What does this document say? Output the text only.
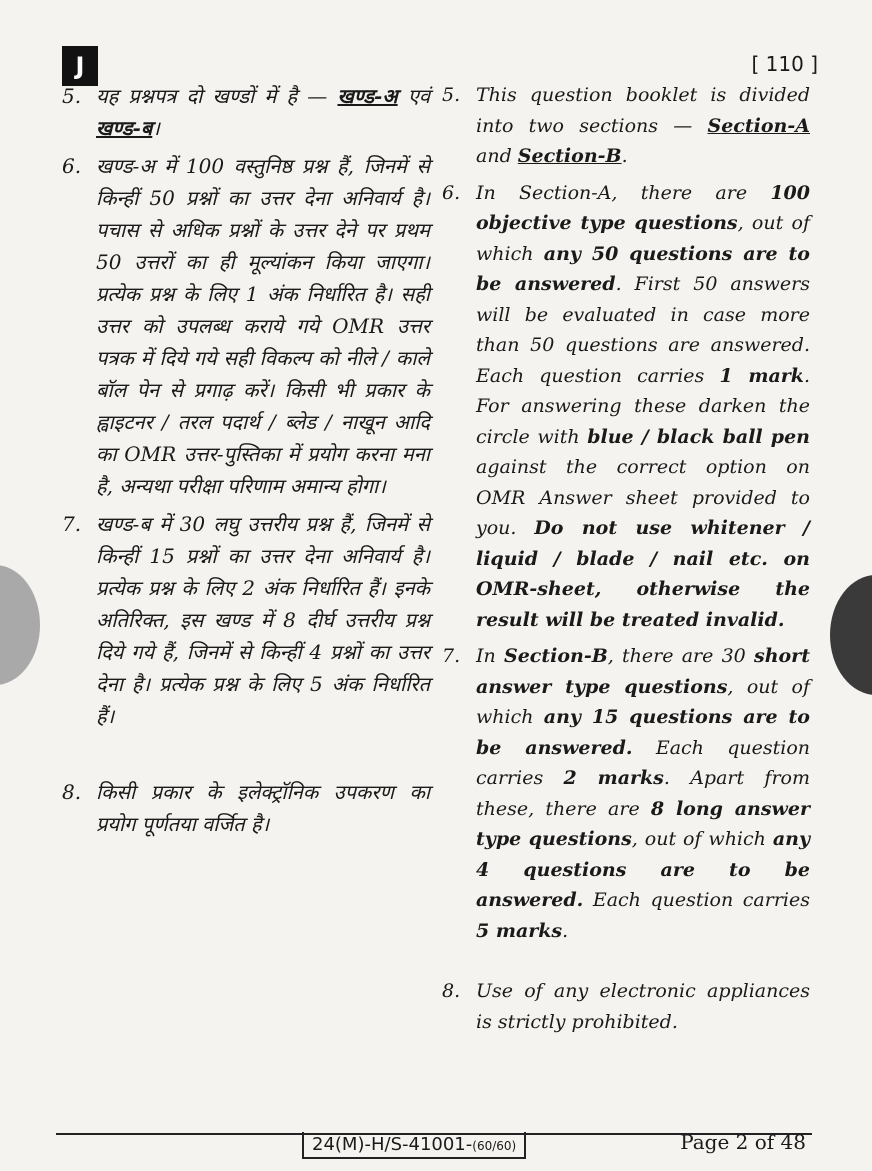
J	[ 110 ]
5. यह प्रश्नपत्र दो खण्डों में है — खण्ड-अ एवं खण्ड-ब।
6. खण्ड-अ में 100 वस्तुनिष्ठ प्रश्न हैं, जिनमें से किन्हीं 50 प्रश्नों का उत्तर देना अनिवार्य है। पचास से अधिक प्रश्नों के उत्तर देने पर प्रथम 50 उत्तरों का ही मूल्यांकन किया जाएगा। प्रत्येक प्रश्न के लिए 1 अंक निर्धारित है। सही उत्तर को उपलब्ध कराये गये OMR उत्तर पत्रक में दिये गये सही विकल्प को नीले / काले बॉल पेन से प्रगाढ़ करें। किसी भी प्रकार के ह्वाइटनर / तरल पदार्थ / ब्लेड / नाखून आदि का OMR उत्तर-पुस्तिका में प्रयोग करना मना है, अन्यथा परीक्षा परिणाम अमान्य होगा।
7. खण्ड-ब में 30 लघु उत्तरीय प्रश्न हैं, जिनमें से किन्हीं 15 प्रश्नों का उत्तर देना अनिवार्य है। प्रत्येक प्रश्न के लिए 2 अंक निर्धारित हैं। इनके अतिरिक्त, इस खण्ड में 8 दीर्घ उत्तरीय प्रश्न दिये गये हैं, जिनमें से किन्हीं 4 प्रश्नों का उत्तर देना है। प्रत्येक प्रश्न के लिए 5 अंक निर्धारित हैं।
8. किसी प्रकार के इलेक्ट्रॉनिक उपकरण का प्रयोग पूर्णतया वर्जित है।
5. This question booklet is divided into two sections — Section-A and Section-B.
6. In Section-A, there are 100 objective type questions, out of which any 50 questions are to be answered. First 50 answers will be evaluated in case more than 50 questions are answered. Each question carries 1 mark. For answering these darken the circle with blue / black ball pen against the correct option on OMR Answer sheet provided to you. Do not use whitener / liquid / blade / nail etc. on OMR-sheet, otherwise the result will be treated invalid.
7. In Section-B, there are 30 short answer type questions, out of which any 15 questions are to be answered. Each question carries 2 marks. Apart from these, there are 8 long answer type questions, out of which any 4 questions are to be answered. Each question carries 5 marks.
8. Use of any electronic appliances is strictly prohibited.
24(M)-H/S-41001-(60/60)	Page 2 of 48
